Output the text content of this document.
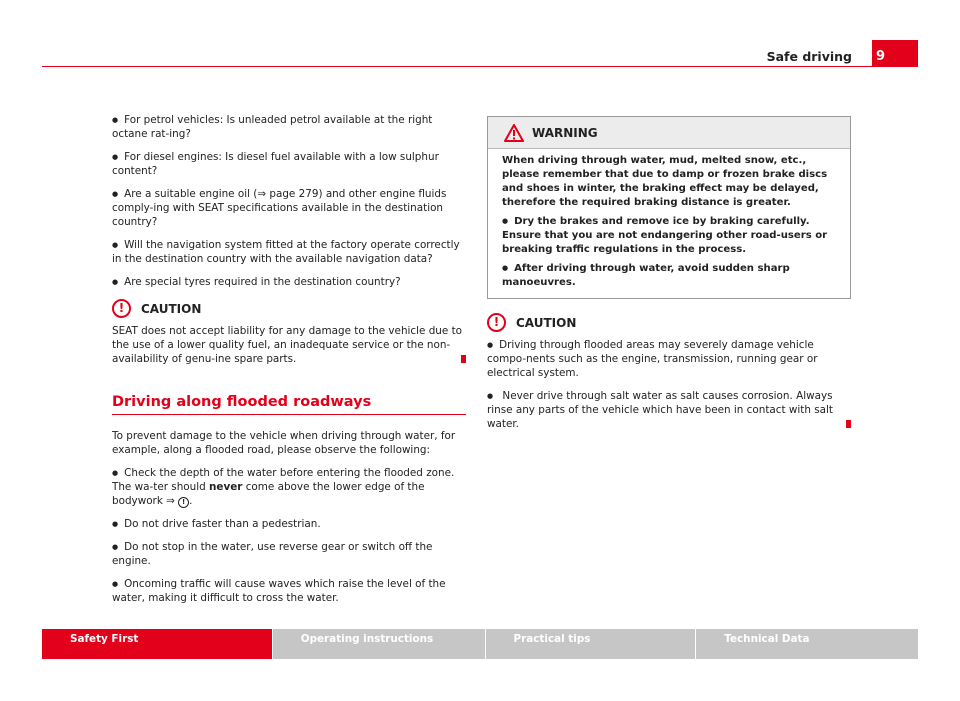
Safe driving	9

● For petrol vehicles: Is unleaded petrol available at the right octane rat-ing?

● For diesel engines: Is diesel fuel available with a low sulphur content?

● Are a suitable engine oil (⇒ page 279) and other engine fluids comply-ing with SEAT specifications available in the destination country?

● Will the navigation system fitted at the factory operate correctly in the destination country with the available navigation data?

● Are special tyres required in the destination country?

!	CAUTION

SEAT does not accept liability for any damage to the vehicle due to the use of a lower quality fuel, an inadequate service or the non-availability of genu-ine spare parts.

Driving along flooded roadways

To prevent damage to the vehicle when driving through water, for example, along a flooded road, please observe the following:

● Check the depth of the water before entering the flooded zone. The wa-ter should never come above the lower edge of the bodywork ⇒ ! .

● Do not drive faster than a pedestrian.

● Do not stop in the water, use reverse gear or switch off the engine.

● Oncoming traffic will cause waves which raise the level of the water, making it difficult to cross the water.

WARNING

When driving through water, mud, melted snow, etc., please remember that due to damp or frozen brake discs and shoes in winter, the braking effect may be delayed, therefore the required braking distance is greater.

● Dry the brakes and remove ice by braking carefully. Ensure that you are not endangering other road-users or breaking traffic regulations in the process.

● After driving through water, avoid sudden sharp manoeuvres.

!	CAUTION

● Driving through flooded areas may severely damage vehicle compo-nents such as the engine, transmission, running gear or electrical system.

● Never drive through salt water as salt causes corrosion. Always rinse any parts of the vehicle which have been in contact with salt water.

Safety First	Operating instructions	Practical tips	Technical Data
